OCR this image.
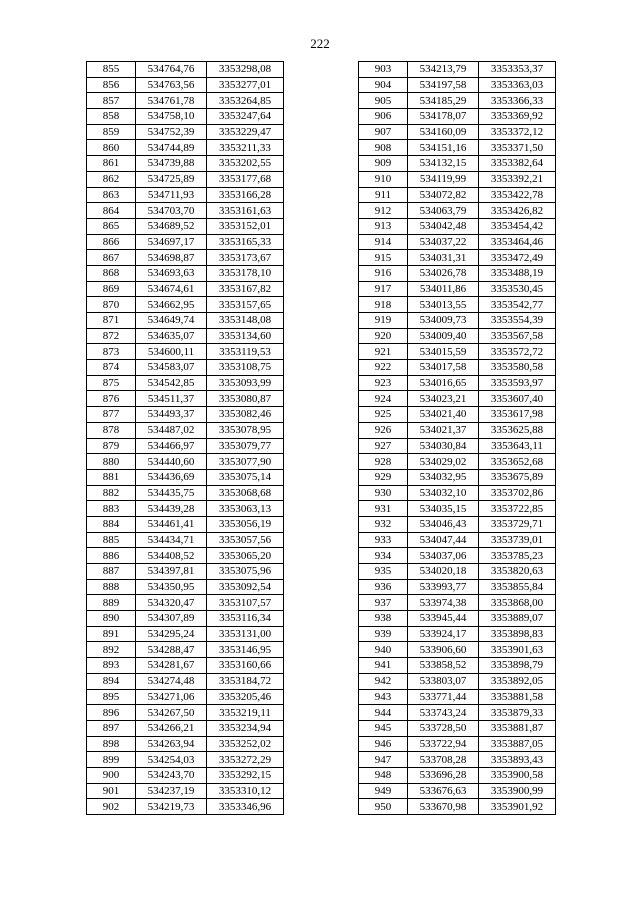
222
855	534764,76	3353298,08
856	534763,56	3353277,01
857	534761,78	3353264,85
858	534758,10	3353247,64
859	534752,39	3353229,47
860	534744,89	3353211,33
861	534739,88	3353202,55
862	534725,89	3353177,68
863	534711,93	3353166,28
864	534703,70	3353161,63
865	534689,52	3353152,01
866	534697,17	3353165,33
867	534698,87	3353173,67
868	534693,63	3353178,10
869	534674,61	3353167,82
870	534662,95	3353157,65
871	534649,74	3353148,08
872	534635,07	3353134,60
873	534600,11	3353119,53
874	534583,07	3353108,75
875	534542,85	3353093,99
876	534511,37	3353080,87
877	534493,37	3353082,46
878	534487,02	3353078,95
879	534466,97	3353079,77
880	534440,60	3353077,90
881	534436,69	3353075,14
882	534435,75	3353068,68
883	534439,28	3353063,13
884	534461,41	3353056,19
885	534434,71	3353057,56
886	534408,52	3353065,20
887	534397,81	3353075,96
888	534350,95	3353092,54
889	534320,47	3353107,57
890	534307,89	3353116,34
891	534295,24	3353131,00
892	534288,47	3353146,95
893	534281,67	3353160,66
894	534274,48	3353184,72
895	534271,06	3353205,46
896	534267,50	3353219,11
897	534266,21	3353234,94
898	534263,94	3353252,02
899	534254,03	3353272,29
900	534243,70	3353292,15
901	534237,19	3353310,12
902	534219,73	3353346,96
903	534213,79	3353353,37
904	534197,58	3353363,03
905	534185,29	3353366,33
906	534178,07	3353369,92
907	534160,09	3353372,12
908	534151,16	3353371,50
909	534132,15	3353382,64
910	534119,99	3353392,21
911	534072,82	3353422,78
912	534063,79	3353426,82
913	534042,48	3353454,42
914	534037,22	3353464,46
915	534031,31	3353472,49
916	534026,78	3353488,19
917	534011,86	3353530,45
918	534013,55	3353542,77
919	534009,73	3353554,39
920	534009,40	3353567,58
921	534015,59	3353572,72
922	534017,58	3353580,58
923	534016,65	3353593,97
924	534023,21	3353607,40
925	534021,40	3353617,98
926	534021,37	3353625,88
927	534030,84	3353643,11
928	534029,02	3353652,68
929	534032,95	3353675,89
930	534032,10	3353702,86
931	534035,15	3353722,85
932	534046,43	3353729,71
933	534047,44	3353739,01
934	534037,06	3353785,23
935	534020,18	3353820,63
936	533993,77	3353855,84
937	533974,38	3353868,00
938	533945,44	3353889,07
939	533924,17	3353898,83
940	533906,60	3353901,63
941	533858,52	3353898,79
942	533803,07	3353892,05
943	533771,44	3353881,58
944	533743,24	3353879,33
945	533728,50	3353881,87
946	533722,94	3353887,05
947	533708,28	3353893,43
948	533696,28	3353900,58
949	533676,63	3353900,99
950	533670,98	3353901,92
